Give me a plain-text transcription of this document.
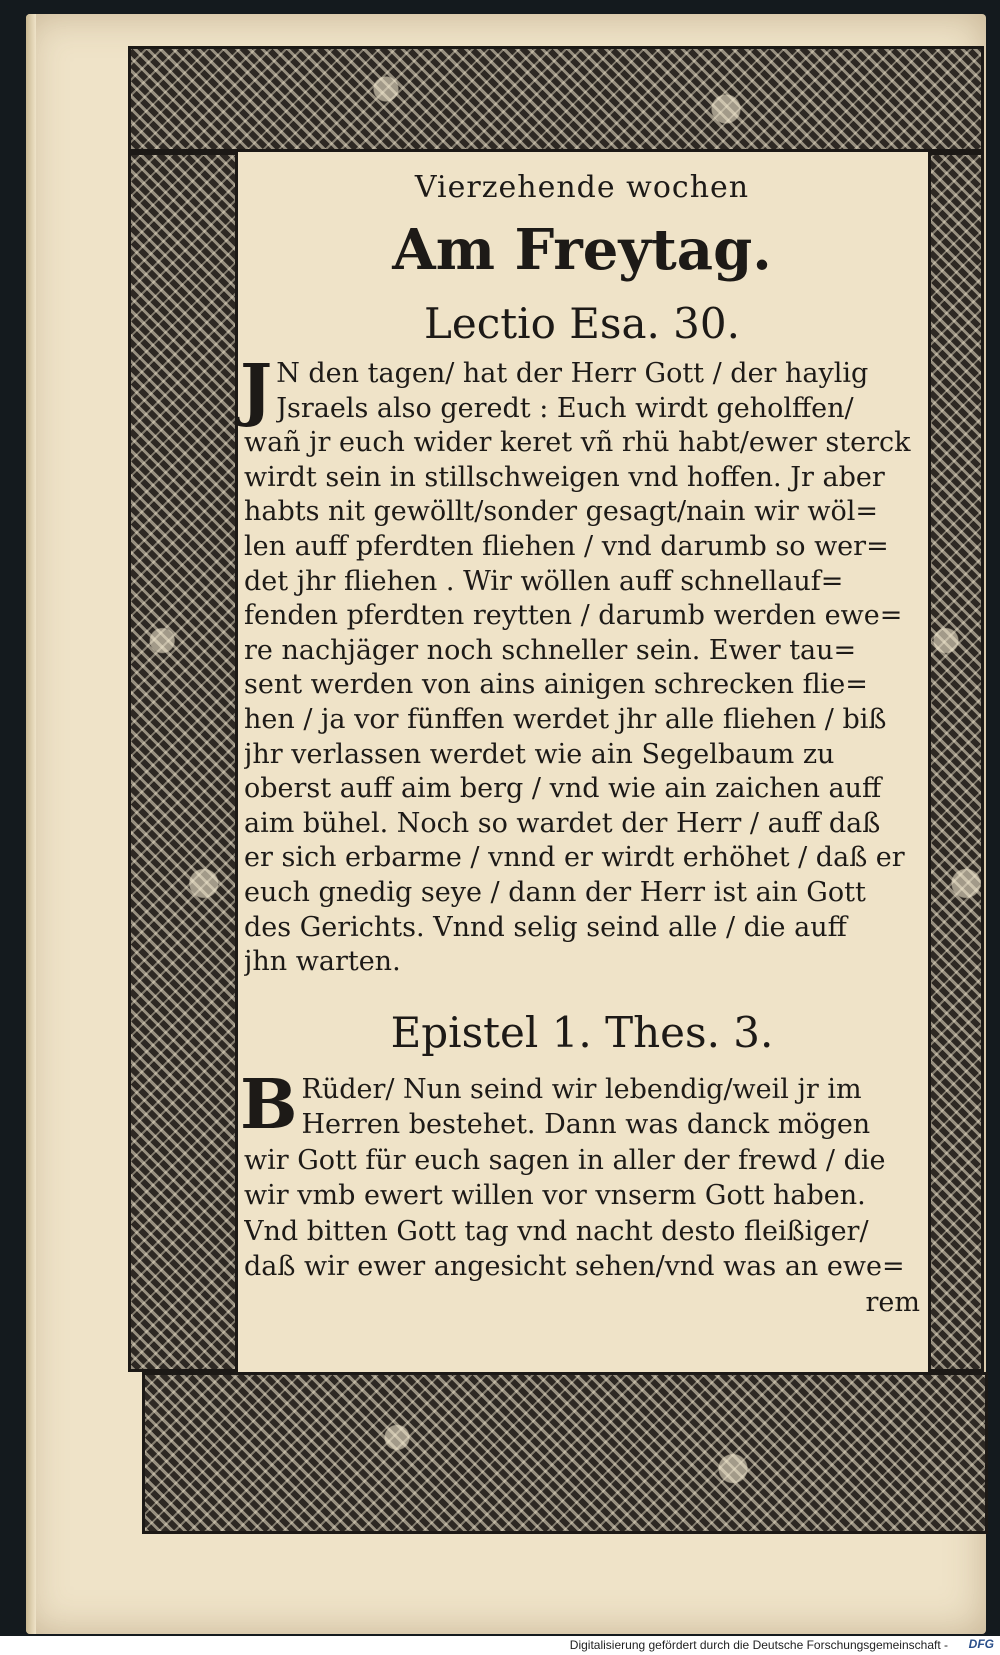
Vierzehende wochen
Am Freytag.
Lectio Esa. 30.
J N den tagen/ hat der Herr Gott / der haylig
Jsraels also geredt : Euch wirdt geholffen/
wañ jr euch wider keret vñ rhü habt/ewer sterck
wirdt sein in stillschweigen vnd hoffen. Jr aber
habts nit gewöllt/sonder gesagt/nain wir wöl=
len auff pferdten fliehen / vnd darumb so wer=
det jhr fliehen . Wir wöllen auff schnellauf=
fenden pferdten reytten / darumb werden ewe=
re nachjäger noch schneller sein. Ewer tau=
sent werden von ains ainigen schrecken flie=
hen / ja vor fünffen werdet jhr alle fliehen / biß
jhr verlassen werdet wie ain Segelbaum zu
oberst auff aim berg / vnd wie ain zaichen auff
aim bühel. Noch so wardet der Herr / auff daß
er sich erbarme / vnnd er wirdt erhöhet / daß er
euch gnedig seye / dann der Herr ist ain Gott
des Gerichts. Vnnd selig seind alle / die auff
jhn warten.
Epistel 1. Thes. 3.
B Rüder/ Nun seind wir lebendig/weil jr im
Herren bestehet. Dann was danck mögen
wir Gott für euch sagen in aller der frewd / die
wir vmb ewert willen vor vnserm Gott haben.
Vnd bitten Gott tag vnd nacht desto fleißiger/
daß wir ewer angesicht sehen/vnd was an ewe=
rem
Digitalisierung gefördert durch die Deutsche Forschungsgemeinschaft - DFG
